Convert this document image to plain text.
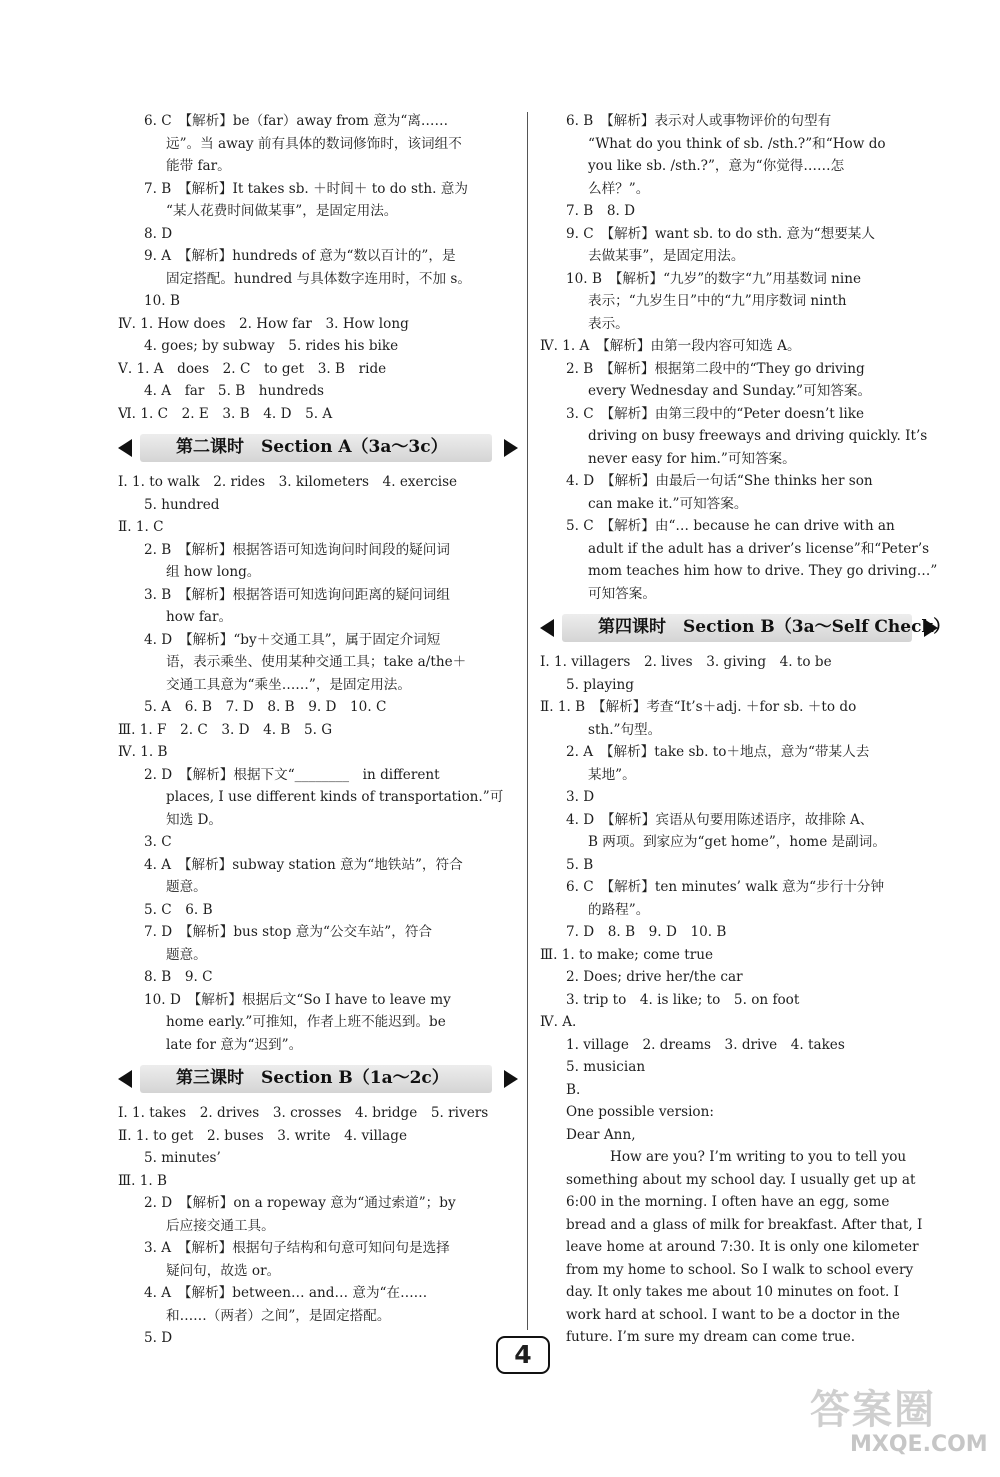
6. C　【解析】be（far）away from 意为“离……
远”。当 away 前有具体的数词修饰时，该词组不
能带 far。
7. B　【解析】It takes sb. ＋时间＋ to do sth. 意为
“某人花费时间做某事”，是固定用法。
8. D
9. A　【解析】hundreds of 意为“数以百计的”，是
固定搭配。hundred 与具体数字连用时，不加 s。
10. B
Ⅳ. 1. How does　2. How far　3. How long
4. goes; by subway　5. rides his bike
Ⅴ. 1. A　does　2. C　to get　3. B　ride
4. A　far　5. B　hundreds
Ⅵ. 1. C　2. E　3. B　4. D　5. A
第二课时　Section A（3a～3c）
Ⅰ. 1. to walk　2. rides　3. kilometers　4. exercise
5. hundred
Ⅱ. 1. C
2. B　【解析】根据答语可知选询问时间段的疑问词
组 how long。
3. B　【解析】根据答语可知选询问距离的疑问词组
how far。
4. D　【解析】“by＋交通工具”，属于固定介词短
语，表示乘坐、使用某种交通工具；take a/the＋
交通工具意为“乘坐……”，是固定用法。
5. A　6. B　7. D　8. B　9. D　10. C
Ⅲ. 1. F　2. C　3. D　4. B　5. G
Ⅳ. 1. B
2. D　【解析】根据下文“________　in different
places, I use different kinds of transportation.”可
知选 D。
3. C
4. A　【解析】subway station 意为“地铁站”，符合
题意。
5. C　6. B
7. D　【解析】bus stop 意为“公交车站”，符合
题意。
8. B　9. C
10. D　【解析】根据后文“So I have to leave my
home early.”可推知，作者上班不能迟到。be
late for 意为“迟到”。
第三课时　Section B（1a～2c）
Ⅰ. 1. takes　2. drives　3. crosses　4. bridge　5. rivers
Ⅱ. 1. to get　2. buses　3. write　4. village
5. minutes’
Ⅲ. 1. B
2. D　【解析】on a ropeway 意为“通过索道”；by
后应接交通工具。
3. A　【解析】根据句子结构和句意可知问句是选择
疑问句，故选 or。
4. A　【解析】between… and… 意为“在……
和……（两者）之间”，是固定搭配。
5. D
6. B　【解析】表示对人或事物评价的句型有
“What do you think of sb. /sth.?”和“How do
you like sb. /sth.?”，意为“你觉得……怎
么样？”。
7. B　8. D
9. C　【解析】want sb. to do sth. 意为“想要某人
去做某事”，是固定用法。
10. B　【解析】“九岁”的数字“九”用基数词 nine
表示；“九岁生日”中的“九”用序数词 ninth
表示。
Ⅳ. 1. A　【解析】由第一段内容可知选 A。
2. B　【解析】根据第二段中的“They go driving
every Wednesday and Sunday.”可知答案。
3. C　【解析】由第三段中的“Peter doesn’t like
driving on busy freeways and driving quickly. It’s
never easy for him.”可知答案。
4. D　【解析】由最后一句话“She thinks her son
can make it.”可知答案。
5. C　【解析】由“… because he can drive with an
adult if the adult has a driver’s license”和“Peter’s
mom teaches him how to drive. They go driving…”
可知答案。
第四课时　Section B（3a～Self Check）
Ⅰ. 1. villagers　2. lives　3. giving　4. to be
5. playing
Ⅱ. 1. B　【解析】考查“It’s＋adj. ＋for sb. ＋to do
sth.”句型。
2. A　【解析】take sb. to＋地点，意为“带某人去
某地”。
3. D
4. D　【解析】宾语从句要用陈述语序，故排除 A、
B 两项。到家应为“get home”，home 是副词。
5. B
6. C　【解析】ten minutes’ walk 意为“步行十分钟
的路程”。
7. D　8. B　9. D　10. B
Ⅲ. 1. to make; come true
2. Does; drive her/the car
3. trip to　4. is like; to　5. on foot
Ⅳ. A.
1. village　2. dreams　3. drive　4. takes
5. musician
B.
One possible version:
Dear Ann,
How are you? I’m writing to you to tell you
something about my school day. I usually get up at
6:00 in the morning. I often have an egg, some
bread and a glass of milk for breakfast. After that, I
leave home at around 7:30. It is only one kilometer
from my home to school. So I walk to school every
day. It only takes me about 10 minutes on foot. I
work hard at school. I want to be a doctor in the
future. I’m sure my dream can come true.
4
答案圈
MXQE.COM
